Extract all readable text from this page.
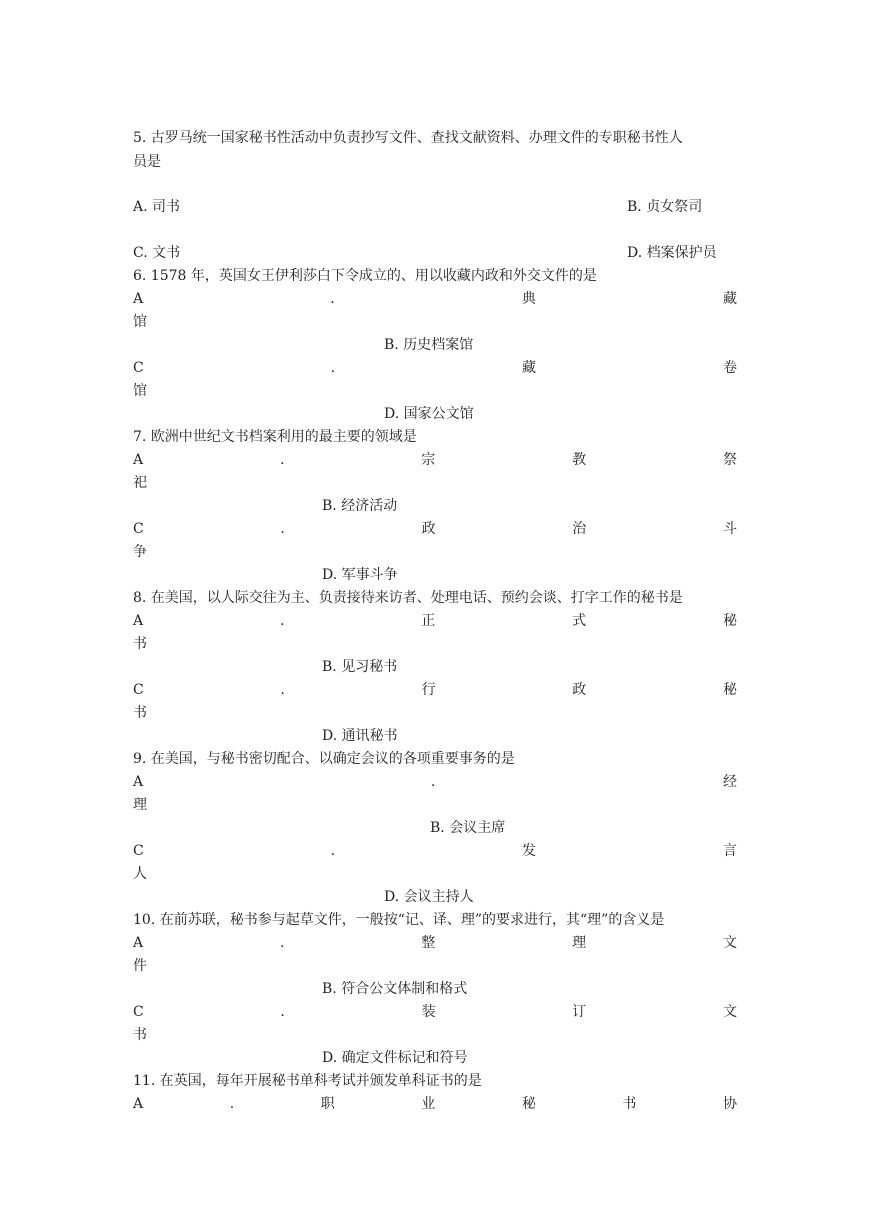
5. 古罗马统一国家秘书性活动中负责抄写文件、查找文献资料、办理文件的专职秘书性人
员是
A. 司书	B. 贞女祭司
C. 文书	D. 档案保护员
6. 1578 年，英国女王伊利莎白下令成立的、用以收藏内政和外交文件的是
A	.	典	藏
馆
B. 历史档案馆
C	.	藏	卷
馆
D. 国家公文馆
7. 欧洲中世纪文书档案利用的最主要的领域是
A	.	宗	教	祭
祀
B. 经济活动
C	.	政	治	斗
争
D. 军事斗争
8. 在美国，以人际交往为主、负责接待来访者、处理电话、预约会谈、打字工作的秘书是
A	.	正	式	秘
书
B. 见习秘书
C	.	行	政	秘
书
D. 通讯秘书
9. 在美国，与秘书密切配合、以确定会议的各项重要事务的是
A	.	经
理
B. 会议主席
C	.	发	言
人
D. 会议主持人
10. 在前苏联，秘书参与起草文件，一般按“记、译、理”的要求进行，其“理”的含义是
A	.	整	理	文
件
B. 符合公文体制和格式
C	.	装	订	文
书
D. 确定文件标记和符号
11. 在英国，每年开展秘书单科考试并颁发单科证书的是
A	.	职	业	秘	书	协
